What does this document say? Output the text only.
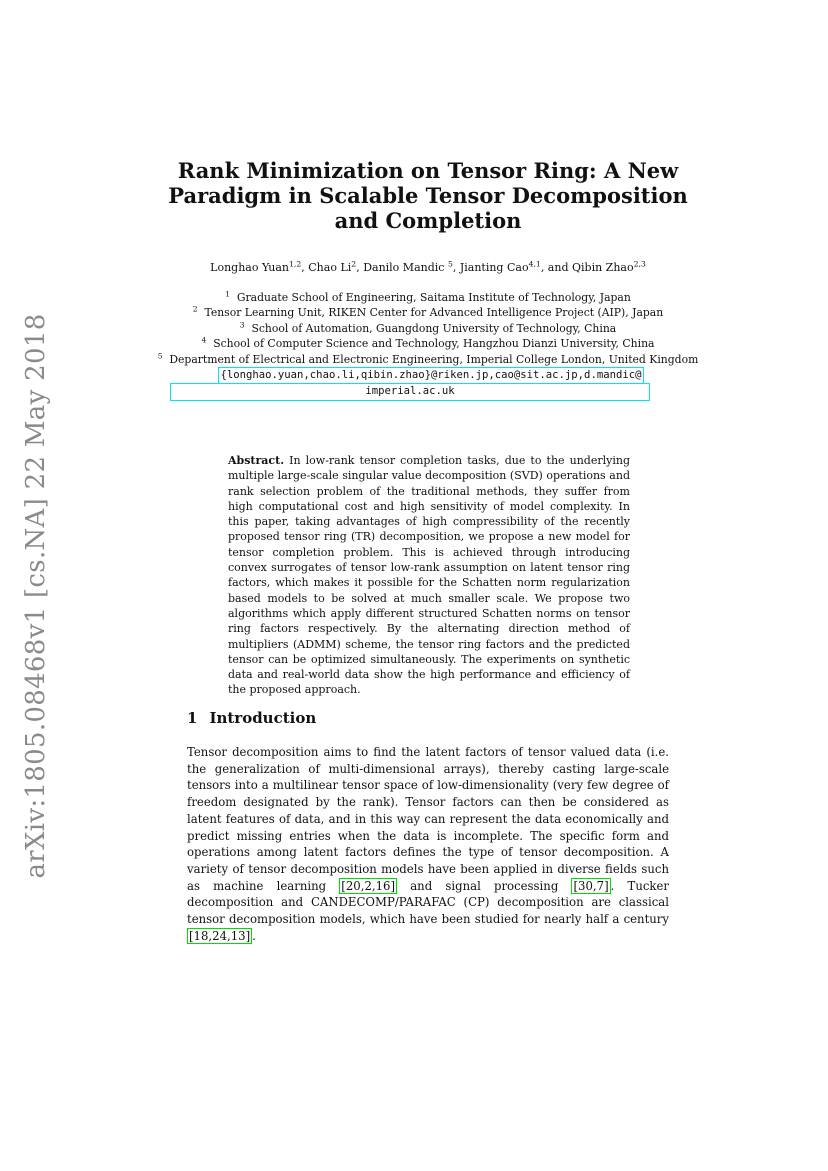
arXiv:1805.08468v1 [cs.NA] 22 May 2018
Rank Minimization on Tensor Ring: A New Paradigm in Scalable Tensor Decomposition and Completion
Longhao Yuan$^{1,2}$, Chao Li$^2$, Danilo Mandic $^5$, Jianting Cao$^{4,1}$, and Qibin Zhao$^{2,3}$
$^1$ Graduate School of Engineering, Saitama Institute of Technology, Japan
$^2$ Tensor Learning Unit, RIKEN Center for Advanced Intelligence Project (AIP), Japan
$^3$ School of Automation, Guangdong University of Technology, China
$^4$ School of Computer Science and Technology, Hangzhou Dianzi University, China
$^5$ Department of Electrical and Electronic Engineering, Imperial College London, United Kingdom
{longhao.yuan,chao.li,qibin.zhao}@riken.jp,cao@sit.ac.jp,d.mandic@
imperial.ac.uk
Abstract. In low-rank tensor completion tasks, due to the underlying multiple large-scale singular value decomposition (SVD) operations and rank selection problem of the traditional methods, they suffer from high computational cost and high sensitivity of model complexity. In this paper, taking advantages of high compressibility of the recently proposed tensor ring (TR) decomposition, we propose a new model for tensor completion problem. This is achieved through introducing convex surrogates of tensor low-rank assumption on latent tensor ring factors, which makes it possible for the Schatten norm regularization based models to be solved at much smaller scale. We propose two algorithms which apply different structured Schatten norms on tensor ring factors respectively. By the alternating direction method of multipliers (ADMM) scheme, the tensor ring factors and the predicted tensor can be optimized simultaneously. The experiments on synthetic data and real-world data show the high performance and efficiency of the proposed approach.
1 Introduction
Tensor decomposition aims to find the latent factors of tensor valued data (i.e. the generalization of multi-dimensional arrays), thereby casting large-scale tensors into a multilinear tensor space of low-dimensionality (very few degree of freedom designated by the rank). Tensor factors can then be considered as latent features of data, and in this way can represent the data economically and predict missing entries when the data is incomplete. The specific form and operations among latent factors defines the type of tensor decomposition. A variety of tensor decomposition models have been applied in diverse fields such as machine learning [20,2,16] and signal processing [30,7] . Tucker decomposition and CANDECOMP/PARAFAC (CP) decomposition are classical tensor decomposition models, which have been studied for nearly half a century [18,24,13] .
